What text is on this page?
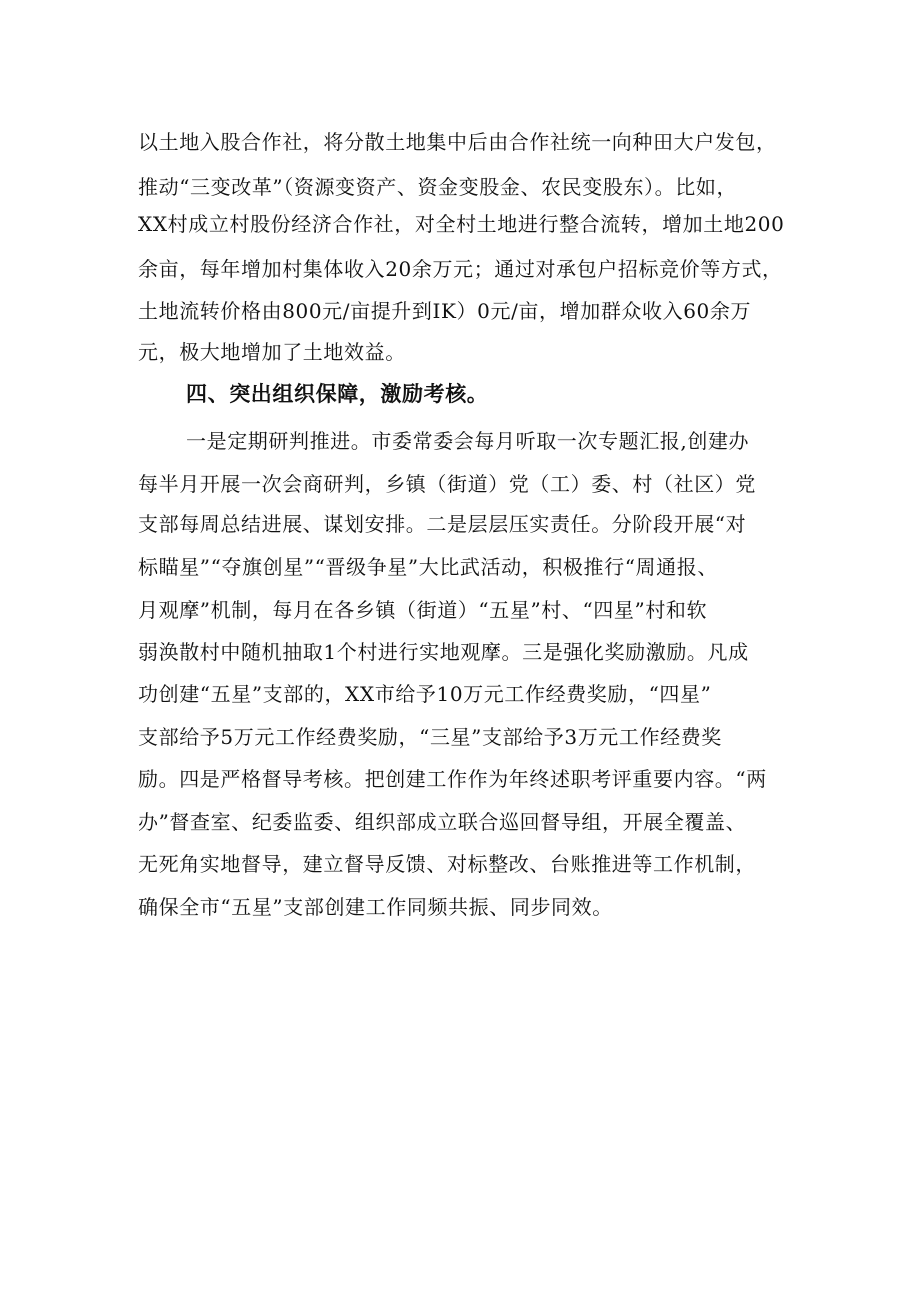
以土地入股合作社，将分散土地集中后由合作社统一向种田大户发包，
推动“三变改革”（资源变资产、资金变股金、农民变股东）。比如，
XX村成立村股份经济合作社，对全村土地进行整合流转，增加土地200
余亩，每年增加村集体收入20余万元；通过对承包户招标竞价等方式，
土地流转价格由800元/亩提升到IK）0元/亩，增加群众收入60余万
元，极大地增加了土地效益。
四、突出组织保障，激励考核。
一是定期研判推进。市委常委会每月听取一次专题汇报,创建办
每半月开展一次会商研判，乡镇（街道）党（工）委、村（社区）党
支部每周总结进展、谋划安排。二是层层压实责任。分阶段开展“对
标瞄星”“夺旗创星”“晋级争星”大比武活动，积极推行“周通报、
月观摩”机制，每月在各乡镇（街道）“五星”村、“四星”村和软
弱涣散村中随机抽取1个村进行实地观摩。三是强化奖励激励。凡成
功创建“五星”支部的，XX市给予10万元工作经费奖励，“四星”
支部给予5万元工作经费奖励，“三星”支部给予3万元工作经费奖
励。四是严格督导考核。把创建工作作为年终述职考评重要内容。“两
办”督查室、纪委监委、组织部成立联合巡回督导组，开展全覆盖、
无死角实地督导，建立督导反馈、对标整改、台账推进等工作机制，
确保全市“五星”支部创建工作同频共振、同步同效。
